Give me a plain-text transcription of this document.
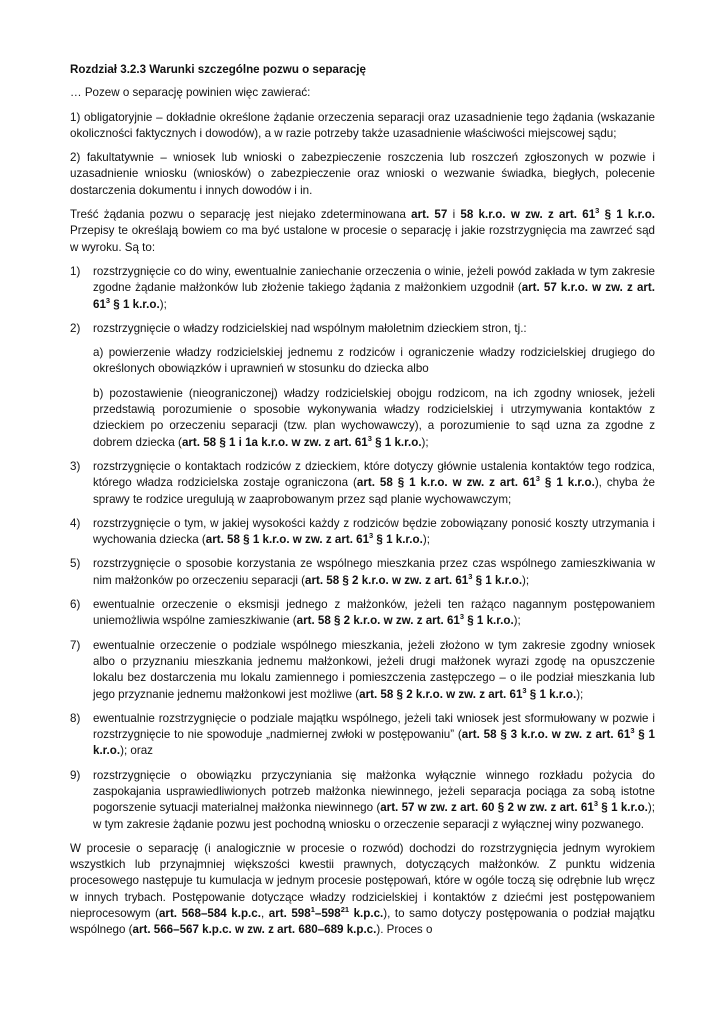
Rozdział 3.2.3 Warunki szczególne pozwu o separację

… Pozew o separację powinien więc zawierać:

1) obligatoryjnie – dokładnie określone żądanie orzeczenia separacji oraz uzasadnienie tego żądania (wskazanie okoliczności faktycznych i dowodów), a w razie potrzeby także uzasadnienie właściwości miejscowej sądu;

2) fakultatywnie – wniosek lub wnioski o zabezpieczenie roszczenia lub roszczeń zgłoszonych w pozwie i uzasadnienie wniosku (wniosków) o zabezpieczenie oraz wnioski o wezwanie świadka, biegłych, polecenie dostarczenia dokumentu i innych dowodów i in.

Treść żądania pozwu o separację jest niejako zdeterminowana art. 57 i 58 k.r.o. w zw. z art. $61^3$ § 1 k.r.o. Przepisy te określają bowiem co ma być ustalone w procesie o separację i jakie rozstrzygnięcia ma zawrzeć sąd w wyroku. Są to:

1) rozstrzygnięcie co do winy, ewentualnie zaniechanie orzeczenia o winie, jeżeli powód zakłada w tym zakresie zgodne żądanie małżonków lub złożenie takiego żądania z małżonkiem uzgodnił (art. 57 k.r.o. w zw. z art. $61^3$ § 1 k.r.o.);
2) rozstrzygnięcie o władzy rodzicielskiej nad wspólnym małoletnim dzieckiem stron, tj.:

a) powierzenie władzy rodzicielskiej jednemu z rodziców i ograniczenie władzy rodzicielskiej drugiego do określonych obowiązków i uprawnień w stosunku do dziecka albo

b) pozostawienie (nieograniczonej) władzy rodzicielskiej obojgu rodzicom, na ich zgodny wniosek, jeżeli przedstawią porozumienie o sposobie wykonywania władzy rodzicielskiej i utrzymywania kontaktów z dzieckiem po orzeczeniu separacji (tzw. plan wychowawczy), a porozumienie to sąd uzna za zgodne z dobrem dziecka (art. 58 § 1 i 1a k.r.o. w zw. z art. $61^3$ § 1 k.r.o.);

3) rozstrzygnięcie o kontaktach rodziców z dzieckiem, które dotyczy głównie ustalenia kontaktów tego rodzica, którego władza rodzicielska zostaje ograniczona (art. 58 § 1 k.r.o. w zw. z art. $61^3$ § 1 k.r.o.), chyba że sprawy te rodzice uregulują w zaaprobowanym przez sąd planie wychowawczym;
4) rozstrzygnięcie o tym, w jakiej wysokości każdy z rodziców będzie zobowiązany ponosić koszty utrzymania i wychowania dziecka (art. 58 § 1 k.r.o. w zw. z art. $61^3$ § 1 k.r.o.);
5) rozstrzygnięcie o sposobie korzystania ze wspólnego mieszkania przez czas wspólnego zamieszkiwania w nim małżonków po orzeczeniu separacji (art. 58 § 2 k.r.o. w zw. z art. $61^3$ § 1 k.r.o.);
6) ewentualnie orzeczenie o eksmisji jednego z małżonków, jeżeli ten rażąco nagannym postępowaniem uniemożliwia wspólne zamieszkiwanie (art. 58 § 2 k.r.o. w zw. z art. $61^3$ § 1 k.r.o.);
7) ewentualnie orzeczenie o podziale wspólnego mieszkania, jeżeli złożono w tym zakresie zgodny wniosek albo o przyznaniu mieszkania jednemu małżonkowi, jeżeli drugi małżonek wyrazi zgodę na opuszczenie lokalu bez dostarczenia mu lokalu zamiennego i pomieszczenia zastępczego – o ile podział mieszkania lub jego przyznanie jednemu małżonkowi jest możliwe (art. 58 § 2 k.r.o. w zw. z art. $61^3$ § 1 k.r.o.);
8) ewentualnie rozstrzygnięcie o podziale majątku wspólnego, jeżeli taki wniosek jest sformułowany w pozwie i rozstrzygnięcie to nie spowoduje „nadmiernej zwłoki w postępowaniu” (art. 58 § 3 k.r.o. w zw. z art. $61^3$ § 1 k.r.o.); oraz
9) rozstrzygnięcie o obowiązku przyczyniania się małżonka wyłącznie winnego rozkładu pożycia do zaspokajania usprawiedliwionych potrzeb małżonka niewinnego, jeżeli separacja pociąga za sobą istotne pogorszenie sytuacji materialnej małżonka niewinnego (art. 57 w zw. z art. 60 § 2 w zw. z art. $61^3$ § 1 k.r.o.); w tym zakresie żądanie pozwu jest pochodną wniosku o orzeczenie separacji z wyłącznej winy pozwanego.

W procesie o separację (i analogicznie w procesie o rozwód) dochodzi do rozstrzygnięcia jednym wyrokiem wszystkich lub przynajmniej większości kwestii prawnych, dotyczących małżonków. Z punktu widzenia procesowego następuje tu kumulacja w jednym procesie postępowań, które w ogóle toczą się odrębnie lub wręcz w innych trybach. Postępowanie dotyczące władzy rodzicielskiej i kontaktów z dziećmi jest postępowaniem nieprocesowym (art. 568–584 k.p.c., art. $598^1-598^{21}$ k.p.c.), to samo dotyczy postępowania o podział majątku wspólnego (art. 566–567 k.p.c. w zw. z art. 680–689 k.p.c.). Proces o
